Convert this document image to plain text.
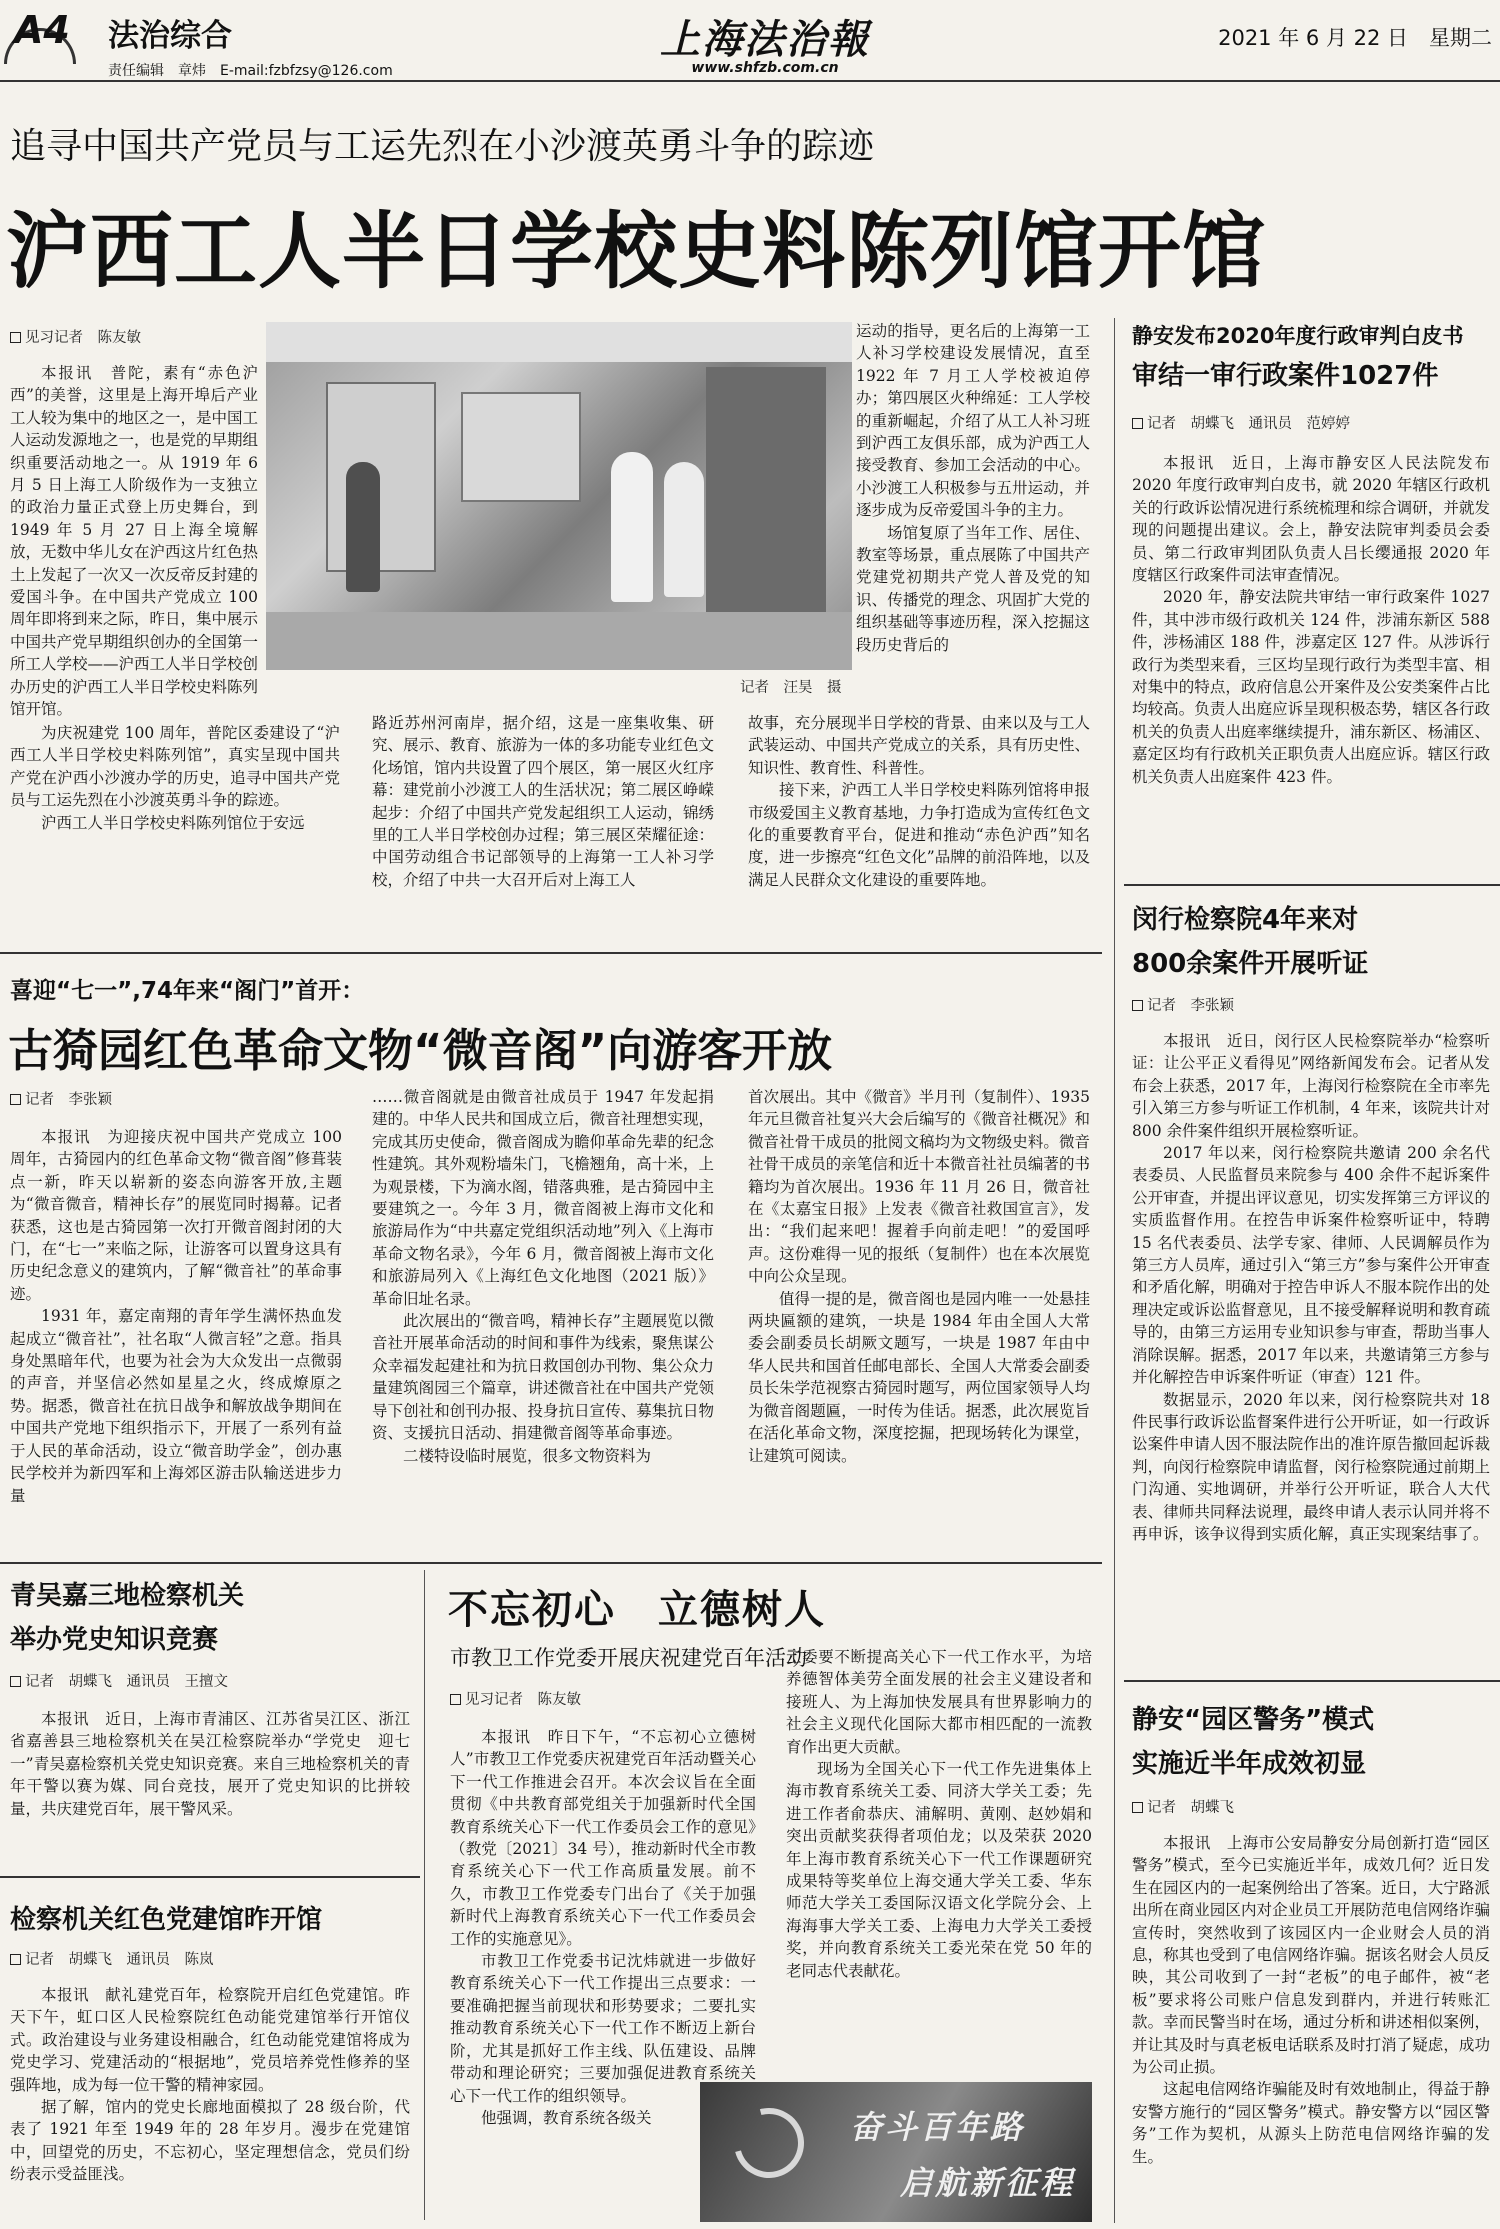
A4 法治综合
责任编辑　章炜　E-mail:fzbfzsy@126.com
上海法治報
www.shfzb.com.cn
2021 年 6 月 22 日　星期二
追寻中国共产党员与工运先烈在小沙渡英勇斗争的踪迹
沪西工人半日学校史料陈列馆开馆
见习记者　陈友敏

本报讯　普陀，素有“赤色沪西”的美誉，这里是上海开埠后产业工人较为集中的地区之一，是中国工人运动发源地之一，也是党的早期组织重要活动地之一。从 1919 年 6 月 5 日上海工人阶级作为一支独立的政治力量正式登上历史舞台，到 1949 年 5 月 27 日上海全境解放，无数中华儿女在沪西这片红色热土上发起了一次又一次反帝反封建的爱国斗争。在中国共产党成立 100 周年即将到来之际，昨日，集中展示中国共产党早期组织创办的全国第一所工人学校——沪西工人半日学校创办历史的沪西工人半日学校史料陈列馆开馆。

为庆祝建党 100 周年，普陀区委建设了“沪西工人半日学校史料陈列馆”，真实呈现中国共产党在沪西小沙渡办学的历史，追寻中国共产党员与工运先烈在小沙渡英勇斗争的踪迹。

沪西工人半日学校史料陈列馆位于安远

记者　汪昊　摄

路近苏州河南岸，据介绍，这是一座集收集、研究、展示、教育、旅游为一体的多功能专业红色文化场馆，馆内共设置了四个展区，第一展区火红序幕：建党前小沙渡工人的生活状况；第二展区峥嵘起步：介绍了中国共产党发起组织工人运动，锦绣里的工人半日学校创办过程；第三展区荣耀征途：中国劳动组合书记部领导的上海第一工人补习学校，介绍了中共一大召开后对上海工人

运动的指导，更名后的上海第一工人补习学校建设发展情况，直至 1922 年 7 月工人学校被迫停办；第四展区火种绵延：工人学校的重新崛起，介绍了从工人补习班到沪西工友俱乐部，成为沪西工人接受教育、参加工会活动的中心。小沙渡工人积极参与五卅运动，并逐步成为反帝爱国斗争的主力。

场馆复原了当年工作、居住、教室等场景，重点展陈了中国共产党建党初期共产党人普及党的知识、传播党的理念、巩固扩大党的组织基础等事迹历程，深入挖掘这段历史背后的

故事，充分展现半日学校的背景、由来以及与工人武装运动、中国共产党成立的关系，具有历史性、知识性、教育性、科普性。

接下来，沪西工人半日学校史料陈列馆将申报市级爱国主义教育基地，力争打造成为宣传红色文化的重要教育平台，促进和推动“赤色沪西”知名度，进一步擦亮“红色文化”品牌的前沿阵地，以及满足人民群众文化建设的重要阵地。

喜迎“七一”,74年来“阁门”首开：
古猗园红色革命文物“微音阁”向游客开放
记者　李张颖

本报讯　为迎接庆祝中国共产党成立 100 周年，古猗园内的红色革命文物“微音阁”修葺装点一新，昨天以崭新的姿态向游客开放,主题为“微音微音，精神长存”的展览同时揭幕。记者获悉，这也是古猗园第一次打开微音阁封闭的大门，在“七一”来临之际，让游客可以置身这具有历史纪念意义的建筑内，了解“微音社”的革命事迹。

1931 年，嘉定南翔的青年学生满怀热血发起成立“微音社”，社名取“人微言轻”之意。指具身处黑暗年代，也要为社会为大众发出一点微弱的声音，并坚信必然如星星之火，终成燎原之势。据悉，微音社在抗日战争和解放战争期间在中国共产党地下组织指示下，开展了一系列有益于人民的革命活动，设立“微音助学金”，创办惠民学校并为新四军和上海郊区游击队输送进步力量

……微音阁就是由微音社成员于 1947 年发起捐建的。中华人民共和国成立后，微音社理想实现，完成其历史使命，微音阁成为瞻仰革命先辈的纪念性建筑。其外观粉墙朱门，飞檐翘角，高十米，上为观景楼，下为滴水阁，错落典雅，是古猗园中主要建筑之一。今年 3 月，微音阁被上海市文化和旅游局作为“中共嘉定党组织活动地”列入《上海市革命文物名录》，今年 6 月，微音阁被上海市文化和旅游局列入《上海红色文化地图（2021 版）》革命旧址名录。

此次展出的“微音鸣，精神长存”主题展览以微音社开展革命活动的时间和事件为线索，聚焦谋公众幸福发起建社和为抗日救国创办刊物、集公众力量建筑阁园三个篇章，讲述微音社在中国共产党领导下创社和创刊办报、投身抗日宣传、募集抗日物资、支援抗日活动、捐建微音阁等革命事迹。

二楼特设临时展览，很多文物资料为

首次展出。其中《微音》半月刊（复制件）、1935 年元旦微音社复兴大会后编写的《微音社概况》和微音社骨干成员的批阅文稿均为文物级史料。微音社骨干成员的亲笔信和近十本微音社社员编著的书籍均为首次展出。1936 年 11 月 26 日，微音社在《太嘉宝日报》上发表《微音社救国宣言》，发出：“我们起来吧！握着手向前走吧！”的爱国呼声。这份难得一见的报纸（复制件）也在本次展览中向公众呈现。

值得一提的是，微音阁也是园内唯一一处悬挂两块匾额的建筑，一块是 1984 年由全国人大常委会副委员长胡厥文题写，一块是 1987 年由中华人民共和国首任邮电部长、全国人大常委会副委员长朱学范视察古猗园时题写，两位国家领导人均为微音阁题匾，一时传为佳话。据悉，此次展览旨在活化革命文物，深度挖掘，把现场转化为课堂，让建筑可阅读。

青吴嘉三地检察机关
举办党史知识竞赛
记者　胡蝶飞　通讯员　王擅文

本报讯　近日，上海市青浦区、江苏省吴江区、浙江省嘉善县三地检察机关在吴江检察院举办“学党史　迎七一”青吴嘉检察机关党史知识竞赛。来自三地检察机关的青年干警以赛为媒、同台竞技，展开了党史知识的比拼较量，共庆建党百年，展干警风采。

检察机关红色党建馆昨开馆
记者　胡蝶飞　通讯员　陈岚

本报讯　献礼建党百年，检察院开启红色党建馆。昨天下午，虹口区人民检察院红色动能党建馆举行开馆仪式。政治建设与业务建设相融合，红色动能党建馆将成为党史学习、党建活动的“根据地”，党员培养党性修养的坚强阵地，成为每一位干警的精神家园。

据了解，馆内的党史长廊地面模拟了 28 级台阶，代表了 1921 年至 1949 年的 28 年岁月。漫步在党建馆中，回望党的历史，不忘初心，坚定理想信念，党员们纷纷表示受益匪浅。

不忘初心　立德树人
市教卫工作党委开展庆祝建党百年活动
见习记者　陈友敏

本报讯　昨日下午，“不忘初心立德树人”市教卫工作党委庆祝建党百年活动暨关心下一代工作推进会召开。本次会议旨在全面贯彻《中共教育部党组关于加强新时代全国教育系统关心下一代工作委员会工作的意见》（教党〔2021〕34 号），推动新时代全市教育系统关心下一代工作高质量发展。前不久，市教卫工作党委专门出台了《关于加强新时代上海教育系统关心下一代工作委员会工作的实施意见》。

市教卫工作党委书记沈炜就进一步做好教育系统关心下一代工作提出三点要求：一要准确把握当前现状和形势要求；二要扎实推动教育系统关心下一代工作不断迈上新台阶，尤其是抓好工作主线、队伍建设、品牌带动和理论研究；三要加强促进教育系统关心下一代工作的组织领导。

他强调，教育系统各级关

工委要不断提高关心下一代工作水平，为培养德智体美劳全面发展的社会主义建设者和接班人、为上海加快发展具有世界影响力的社会主义现代化国际大都市相匹配的一流教育作出更大贡献。

现场为全国关心下一代工作先进集体上海市教育系统关工委、同济大学关工委；先进工作者俞恭庆、浦解明、黄刚、赵妙娟和突出贡献奖获得者项伯龙；以及荣获 2020 年上海市教育系统关心下一代工作课题研究成果特等奖单位上海交通大学关工委、华东师范大学关工委国际汉语文化学院分会、上海海事大学关工委、上海电力大学关工委授奖，并向教育系统关工委光荣在党 50 年的老同志代表献花。

奋斗百年路
启航新征程
静安发布2020年度行政审判白皮书
审结一审行政案件1027件
记者　胡蝶飞　通讯员　范婷婷

本报讯　近日，上海市静安区人民法院发布 2020 年度行政审判白皮书，就 2020 年辖区行政机关的行政诉讼情况进行系统梳理和综合调研，并就发现的问题提出建议。会上，静安法院审判委员会委员、第二行政审判团队负责人吕长缨通报 2020 年度辖区行政案件司法审查情况。

2020 年，静安法院共审结一审行政案件 1027 件，其中涉市级行政机关 124 件，涉浦东新区 588 件，涉杨浦区 188 件，涉嘉定区 127 件。从涉诉行政行为类型来看，三区均呈现行政行为类型丰富、相对集中的特点，政府信息公开案件及公安类案件占比均较高。负责人出庭应诉呈现积极态势，辖区各行政机关的负责人出庭率继续提升，浦东新区、杨浦区、嘉定区均有行政机关正职负责人出庭应诉。辖区行政机关负责人出庭案件 423 件。

闵行检察院4年来对
800余案件开展听证
记者　李张颖

本报讯　近日，闵行区人民检察院举办“检察听证：让公平正义看得见”网络新闻发布会。记者从发布会上获悉，2017 年，上海闵行检察院在全市率先引入第三方参与听证工作机制，4 年来，该院共计对 800 余件案件组织开展检察听证。

2017 年以来，闵行检察院共邀请 200 余名代表委员、人民监督员来院参与 400 余件不起诉案件公开审查，并提出评议意见，切实发挥第三方评议的实质监督作用。在控告申诉案件检察听证中，特聘 15 名代表委员、法学专家、律师、人民调解员作为第三方人员库，通过引入“第三方”参与案件公开审查和矛盾化解，明确对于控告申诉人不服本院作出的处理决定或诉讼监督意见，且不接受解释说明和教育疏导的，由第三方运用专业知识参与审查，帮助当事人消除误解。据悉，2017 年以来，共邀请第三方参与并化解控告申诉案件听证（审查）121 件。

数据显示，2020 年以来，闵行检察院共对 18 件民事行政诉讼监督案件进行公开听证，如一行政诉讼案件申请人因不服法院作出的准许原告撤回起诉裁判，向闵行检察院申请监督，闵行检察院通过前期上门沟通、实地调研，并举行公开听证，联合人大代表、律师共同释法说理，最终申请人表示认同并将不再申诉，该争议得到实质化解，真正实现案结事了。

静安“园区警务”模式
实施近半年成效初显
记者　胡蝶飞

本报讯　上海市公安局静安分局创新打造“园区警务”模式，至今已实施近半年，成效几何？近日发生在园区内的一起案例给出了答案。近日，大宁路派出所在商业园区内对企业员工开展防范电信网络诈骗宣传时，突然收到了该园区内一企业财会人员的消息，称其也受到了电信网络诈骗。据该名财会人员反映，其公司收到了一封“老板”的电子邮件，被“老板”要求将公司账户信息发到群内，并进行转账汇款。幸而民警当时在场，通过分析和讲述相似案例，并让其及时与真老板电话联系及时打消了疑虑，成功为公司止损。

这起电信网络诈骗能及时有效地制止，得益于静安警方施行的“园区警务”模式。静安警方以“园区警务”工作为契机，从源头上防范电信网络诈骗的发生。
